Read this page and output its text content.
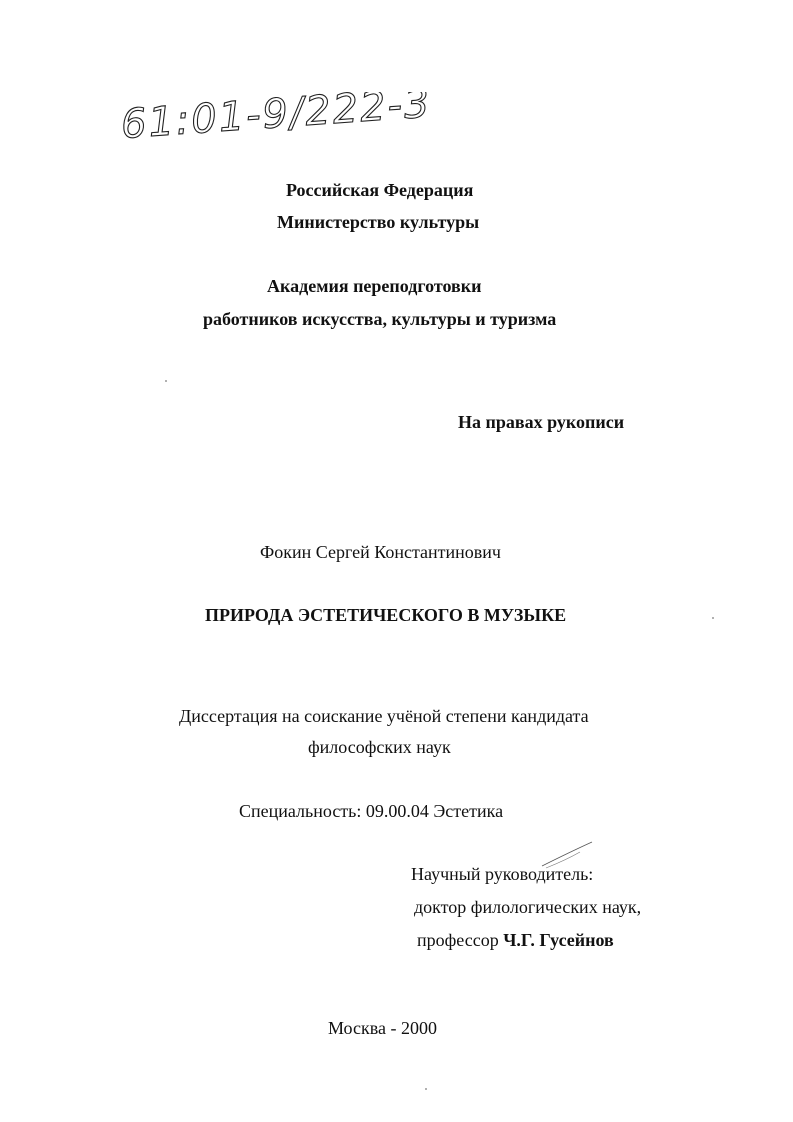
61:01-9/222-3
Российская Федерация
Министерство культуры
Академия переподготовки
работников искусства, культуры и туризма
На правах рукописи
Фокин Сергей Константинович
ПРИРОДА ЭСТЕТИЧЕСКОГО В МУЗЫКЕ
Диссертация на соискание учёной степени кандидата
философских наук
Специальность: 09.00.04 Эстетика
Научный руководитель:
доктор филологических наук,
профессор Ч.Г. Гусейнов
Москва - 2000
